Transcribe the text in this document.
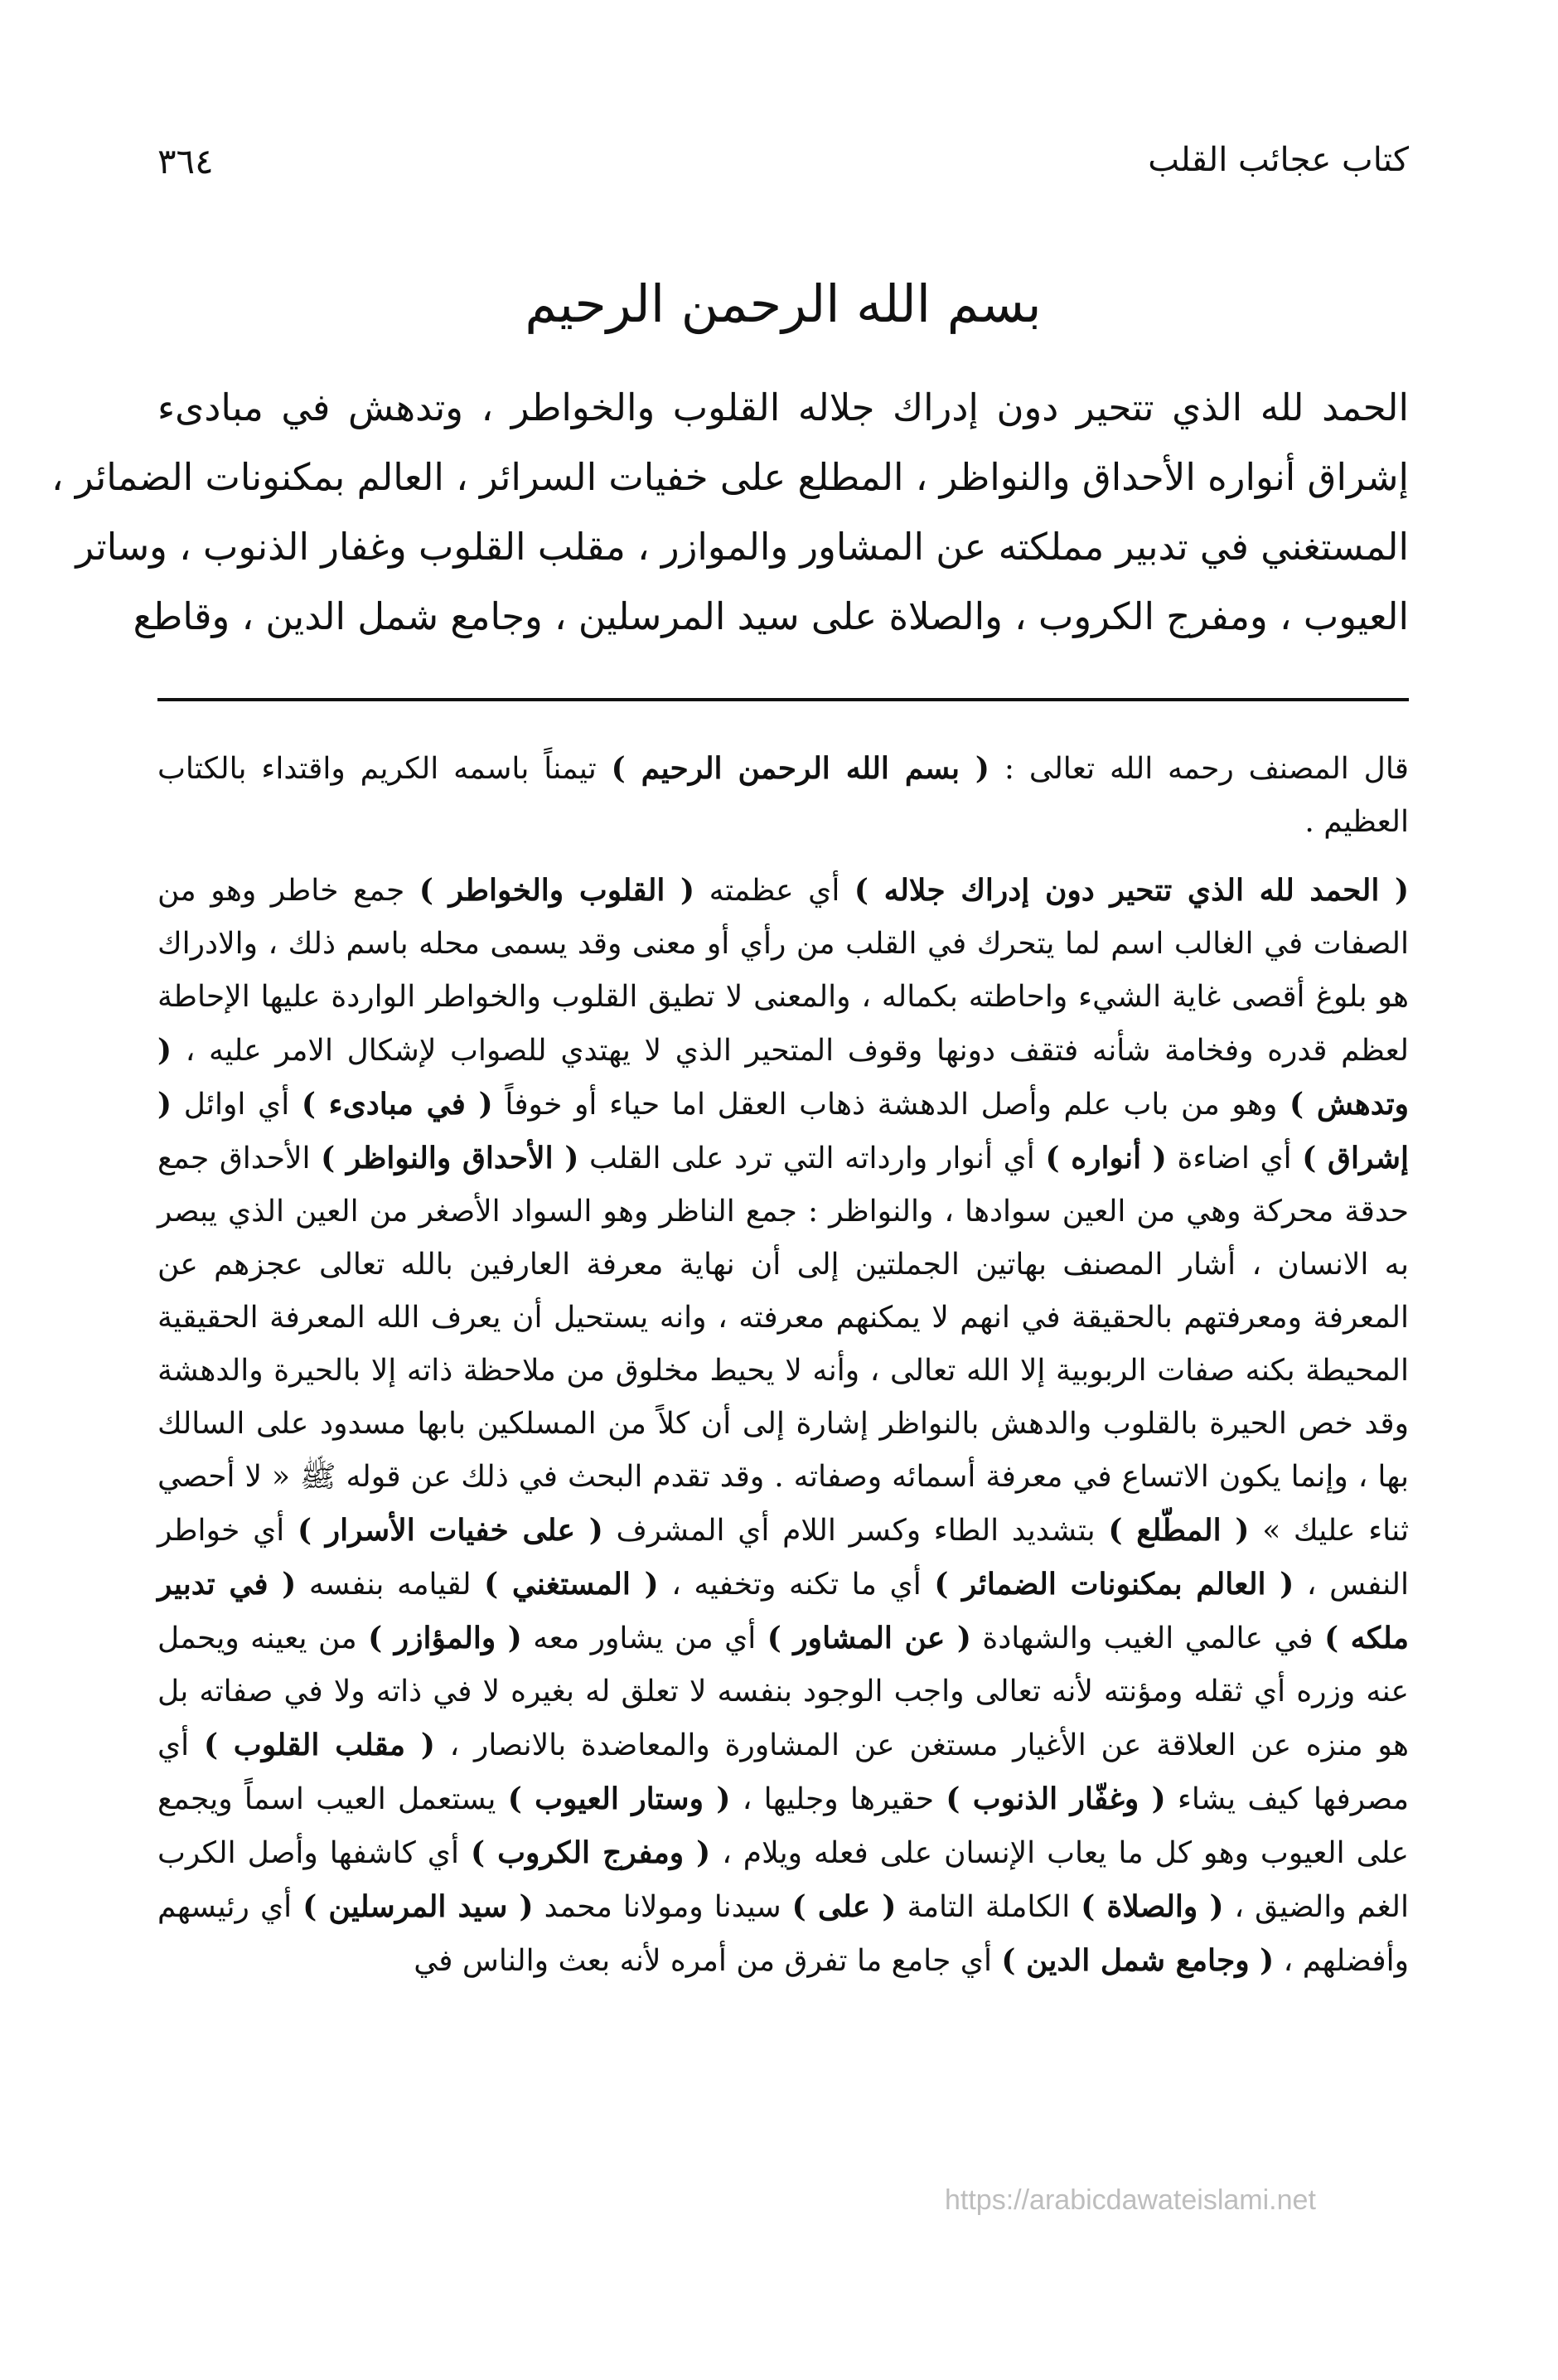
كتاب عجائب القلب
٣٦٤
بسم الله الرحمن الرحيم
الحمد لله الذي تتحير دون إدراك جلاله القلوب والخواطر ، وتدهش في مبادىء
إشراق أنواره الأحداق والنواظر ، المطلع على خفيات السرائر ، العالم بمكنونات الضمائر ،
المستغني في تدبير مملكته عن المشاور والموازر ، مقلب القلوب وغفار الذنوب ، وساتر
العيوب ، ومفرج الكروب ، والصلاة على سيد المرسلين ، وجامع شمل الدين ، وقاطع

قال المصنف رحمه الله تعالى : ( بسم الله الرحمن الرحيم ) تيمناً باسمه الكريم واقتداء بالكتاب العظيم .

( الحمد لله الذي تتحير دون إدراك جلاله ) أي عظمته ( القلوب والخواطر ) جمع خاطر وهو من الصفات في الغالب اسم لما يتحرك في القلب من رأي أو معنى وقد يسمى محله باسم ذلك ، والادراك هو بلوغ أقصى غاية الشيء واحاطته بكماله ، والمعنى لا تطيق القلوب والخواطر الواردة عليها الإحاطة لعظم قدره وفخامة شأنه فتقف دونها وقوف المتحير الذي لا يهتدي للصواب لإشكال الامر عليه ، ( وتدهش ) وهو من باب علم وأصل الدهشة ذهاب العقل اما حياء أو خوفاً ( في مبادىء ) أي اوائل ( إشراق ) أي اضاءة ( أنواره ) أي أنوار وارداته التي ترد على القلب ( الأحداق والنواظر ) الأحداق جمع حدقة محركة وهي من العين سوادها ، والنواظر : جمع الناظر وهو السواد الأصغر من العين الذي يبصر به الانسان ، أشار المصنف بهاتين الجملتين إلى أن نهاية معرفة العارفين بالله تعالى عجزهم عن المعرفة ومعرفتهم بالحقيقة في انهم لا يمكنهم معرفته ، وانه يستحيل أن يعرف الله المعرفة الحقيقية المحيطة بكنه صفات الربوبية إلا الله تعالى ، وأنه لا يحيط مخلوق من ملاحظة ذاته إلا بالحيرة والدهشة وقد خص الحيرة بالقلوب والدهش بالنواظر إشارة إلى أن كلاً من المسلكين بابها مسدود على السالك بها ، وإنما يكون الاتساع في معرفة أسمائه وصفاته . وقد تقدم البحث في ذلك عن قوله ﷺ « لا أحصي ثناء عليك » ( المطّلع ) بتشديد الطاء وكسر اللام أي المشرف ( على خفيات الأسرار ) أي خواطر النفس ، ( العالم بمكنونات الضمائر ) أي ما تكنه وتخفيه ، ( المستغني ) لقيامه بنفسه ( في تدبير ملكه ) في عالمي الغيب والشهادة ( عن المشاور ) أي من يشاور معه ( والمؤازر ) من يعينه ويحمل عنه وزره أي ثقله ومؤنته لأنه تعالى واجب الوجود بنفسه لا تعلق له بغيره لا في ذاته ولا في صفاته بل هو منزه عن العلاقة عن الأغيار مستغن عن المشاورة والمعاضدة بالانصار ، ( مقلب القلوب ) أي مصرفها كيف يشاء ( وغفّار الذنوب ) حقيرها وجليها ، ( وستار العيوب ) يستعمل العيب اسماً ويجمع على العيوب وهو كل ما يعاب الإنسان على فعله ويلام ، ( ومفرج الكروب ) أي كاشفها وأصل الكرب الغم والضيق ، ( والصلاة ) الكاملة التامة ( على ) سيدنا ومولانا محمد ( سيد المرسلين ) أي رئيسهم وأفضلهم ، ( وجامع شمل الدين ) أي جامع ما تفرق من أمره لأنه بعث والناس في

https://arabicdawateislami.net
